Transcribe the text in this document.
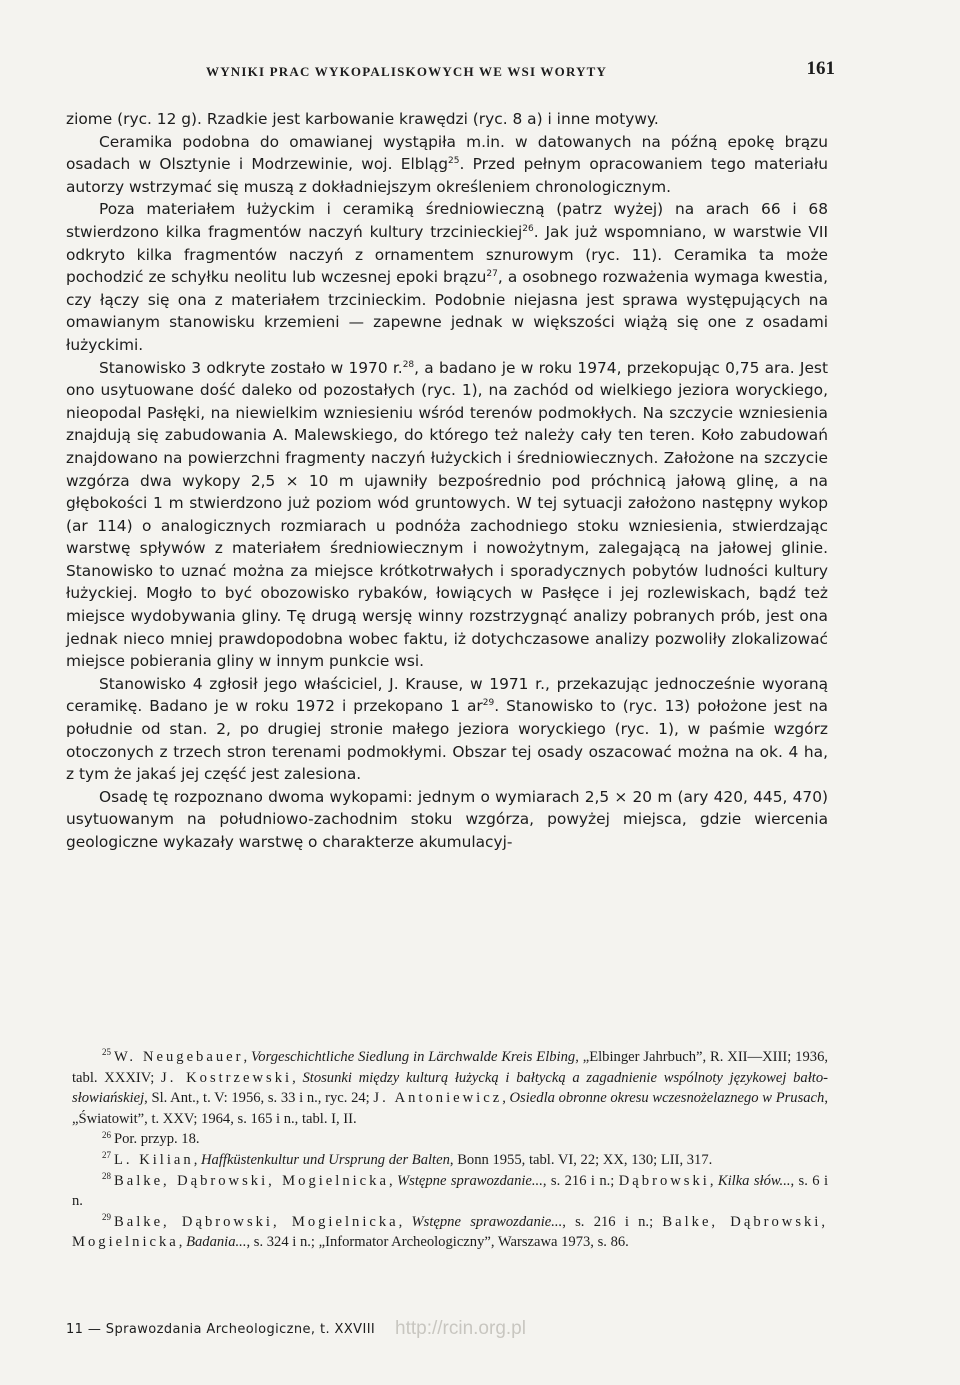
WYNIKI PRAC WYKOPALISKOWYCH WE WSI WORYTY	161

ziome (ryc. 12 g). Rzadkie jest karbowanie krawędzi (ryc. 8 a) i inne motywy.

Ceramika podobna do omawianej wystąpiła m.in. w datowanych na późną epokę brązu osadach w Olsztynie i Modrzewinie, woj. Elbląg$^{25}$. Przed pełnym opracowaniem tego materiału autorzy wstrzymać się muszą z dokładniejszym określeniem chronologicznym.

Poza materiałem łużyckim i ceramiką średniowieczną (patrz wyżej) na arach 66 i 68 stwierdzono kilka fragmentów naczyń kultury trzcinieckiej$^{26}$. Jak już wspomniano, w warstwie VII odkryto kilka fragmentów naczyń z ornamentem sznurowym (ryc. 11). Ceramika ta może pochodzić ze schyłku neolitu lub wczesnej epoki brązu$^{27}$, a osobnego rozważenia wymaga kwestia, czy łączy się ona z materiałem trzcinieckim. Podobnie niejasna jest sprawa występujących na omawianym stanowisku krzemieni — zapewne jednak w większości wiążą się one z osadami łużyckimi.

Stanowisko 3 odkryte zostało w 1970 r.$^{28}$, a badano je w roku 1974, przekopując 0,75 ara. Jest ono usytuowane dość daleko od pozostałych (ryc. 1), na zachód od wielkiego jeziora woryckiego, nieopodal Pasłęki, na niewielkim wzniesieniu wśród terenów podmokłych. Na szczycie wzniesienia znajdują się zabudowania A. Malewskiego, do którego też należy cały ten teren. Koło zabudowań znajdowano na powierzchni fragmenty naczyń łużyckich i średniowiecznych. Założone na szczycie wzgórza dwa wykopy 2,5 × 10 m ujawniły bezpośrednio pod próchnicą jałową glinę, a na głębokości 1 m stwierdzono już poziom wód gruntowych. W tej sytuacji założono następny wykop (ar 114) o analogicznych rozmiarach u podnóża zachodniego stoku wzniesienia, stwierdzając warstwę spływów z materiałem średniowiecznym i nowożytnym, zalegającą na jałowej glinie. Stanowisko to uznać można za miejsce krótkotrwałych i sporadycznych pobytów ludności kultury łużyckiej. Mogło to być obozowisko rybaków, łowiących w Pasłęce i jej rozlewiskach, bądź też miejsce wydobywania gliny. Tę drugą wersję winny rozstrzygnąć analizy pobranych prób, jest ona jednak nieco mniej prawdopodobna wobec faktu, iż dotychczasowe analizy pozwoliły zlokalizować miejsce pobierania gliny w innym punkcie wsi.

Stanowisko 4 zgłosił jego właściciel, J. Krause, w 1971 r., przekazując jednocześnie wyoraną ceramikę. Badano je w roku 1972 i przekopano 1 $ar^{29}$. Stanowisko to (ryc. 13) położone jest na południe od stan. 2, po drugiej stronie małego jeziora woryckiego (ryc. 1), w paśmie wzgórz otoczonych z trzech stron terenami podmokłymi. Obszar tej osady oszacować można na ok. 4 ha, z tym że jakaś jej część jest zalesiona.

Osadę tę rozpoznano dwoma wykopami: jednym o wymiarach 2,5 × 20 m (ary 420, 445, 470) usytuowanym na południowo-zachodnim stoku wzgórza, powyżej miejsca, gdzie wiercenia geologiczne wykazały warstwę o charakterze akumulacyj-

$^{25}$ W. Neugebauer, Vorgeschichtliche Siedlung in Lärchwalde Kreis Elbing, „Elbinger Jahrbuch”, R. XII—XIII; 1936, tabl. XXXIV; J. Kostrzewski, Stosunki między kulturą łużycką i bałtycką a zagadnienie wspólnoty językowej bałto-słowiańskiej, Sl. Ant., t. V: 1956, s. 33 i n., ryc. 24; J. Antoniewicz, Osiedla obronne okresu wczesnożelaznego w Prusach, „Światowit”, t. XXV; 1964, s. 165 i n., tabl. I, II.

$^{26}$ Por. przyp. 18.

$^{27}$ L. Kilian, Haffküstenkultur und Ursprung der Balten, Bonn 1955, tabl. VI, 22; XX, 130; LII, 317.

$^{28}$ Balke, Dąbrowski, Mogielnicka, Wstępne sprawozdanie..., s. 216 i n.; Dąbrowski, Kilka słów..., s. 6 i n.

$^{29}$ Balke, Dąbrowski, Mogielnicka, Wstępne sprawozdanie..., s. 216 i n.; Balke, Dąbrowski, Mogielnicka, Badania..., s. 324 i n.; „Informator Archeologiczny”, Warszawa 1973, s. 86.

11 — Sprawozdania Archeologiczne, t. XXVIII http://rcin.org.pl
